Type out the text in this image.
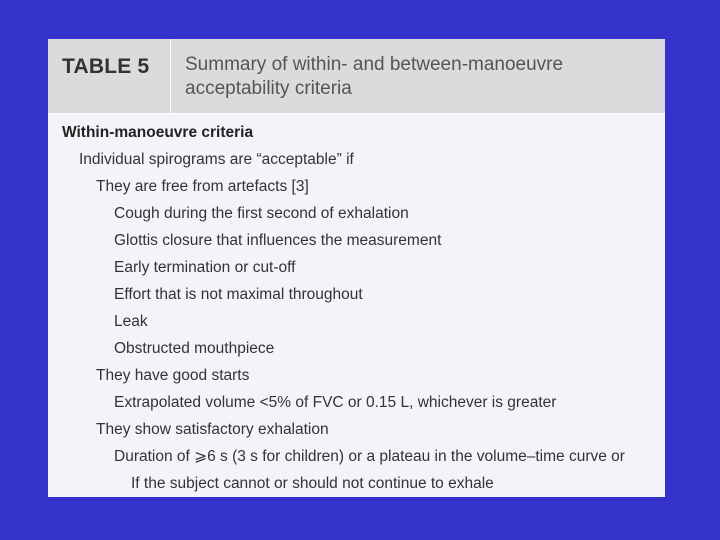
TABLE 5 Summary of within- and between-manoeuvre acceptability criteria
Within-manoeuvre criteria
Individual spirograms are “acceptable” if
They are free from artefacts [3]
Cough during the first second of exhalation
Glottis closure that influences the measurement
Early termination or cut-off
Effort that is not maximal throughout
Leak
Obstructed mouthpiece
They have good starts
Extrapolated volume <5% of FVC or 0.15 L, whichever is greater
They show satisfactory exhalation
Duration of ⩾6 s (3 s for children) or a plateau in the volume–time curve or
If the subject cannot or should not continue to exhale
